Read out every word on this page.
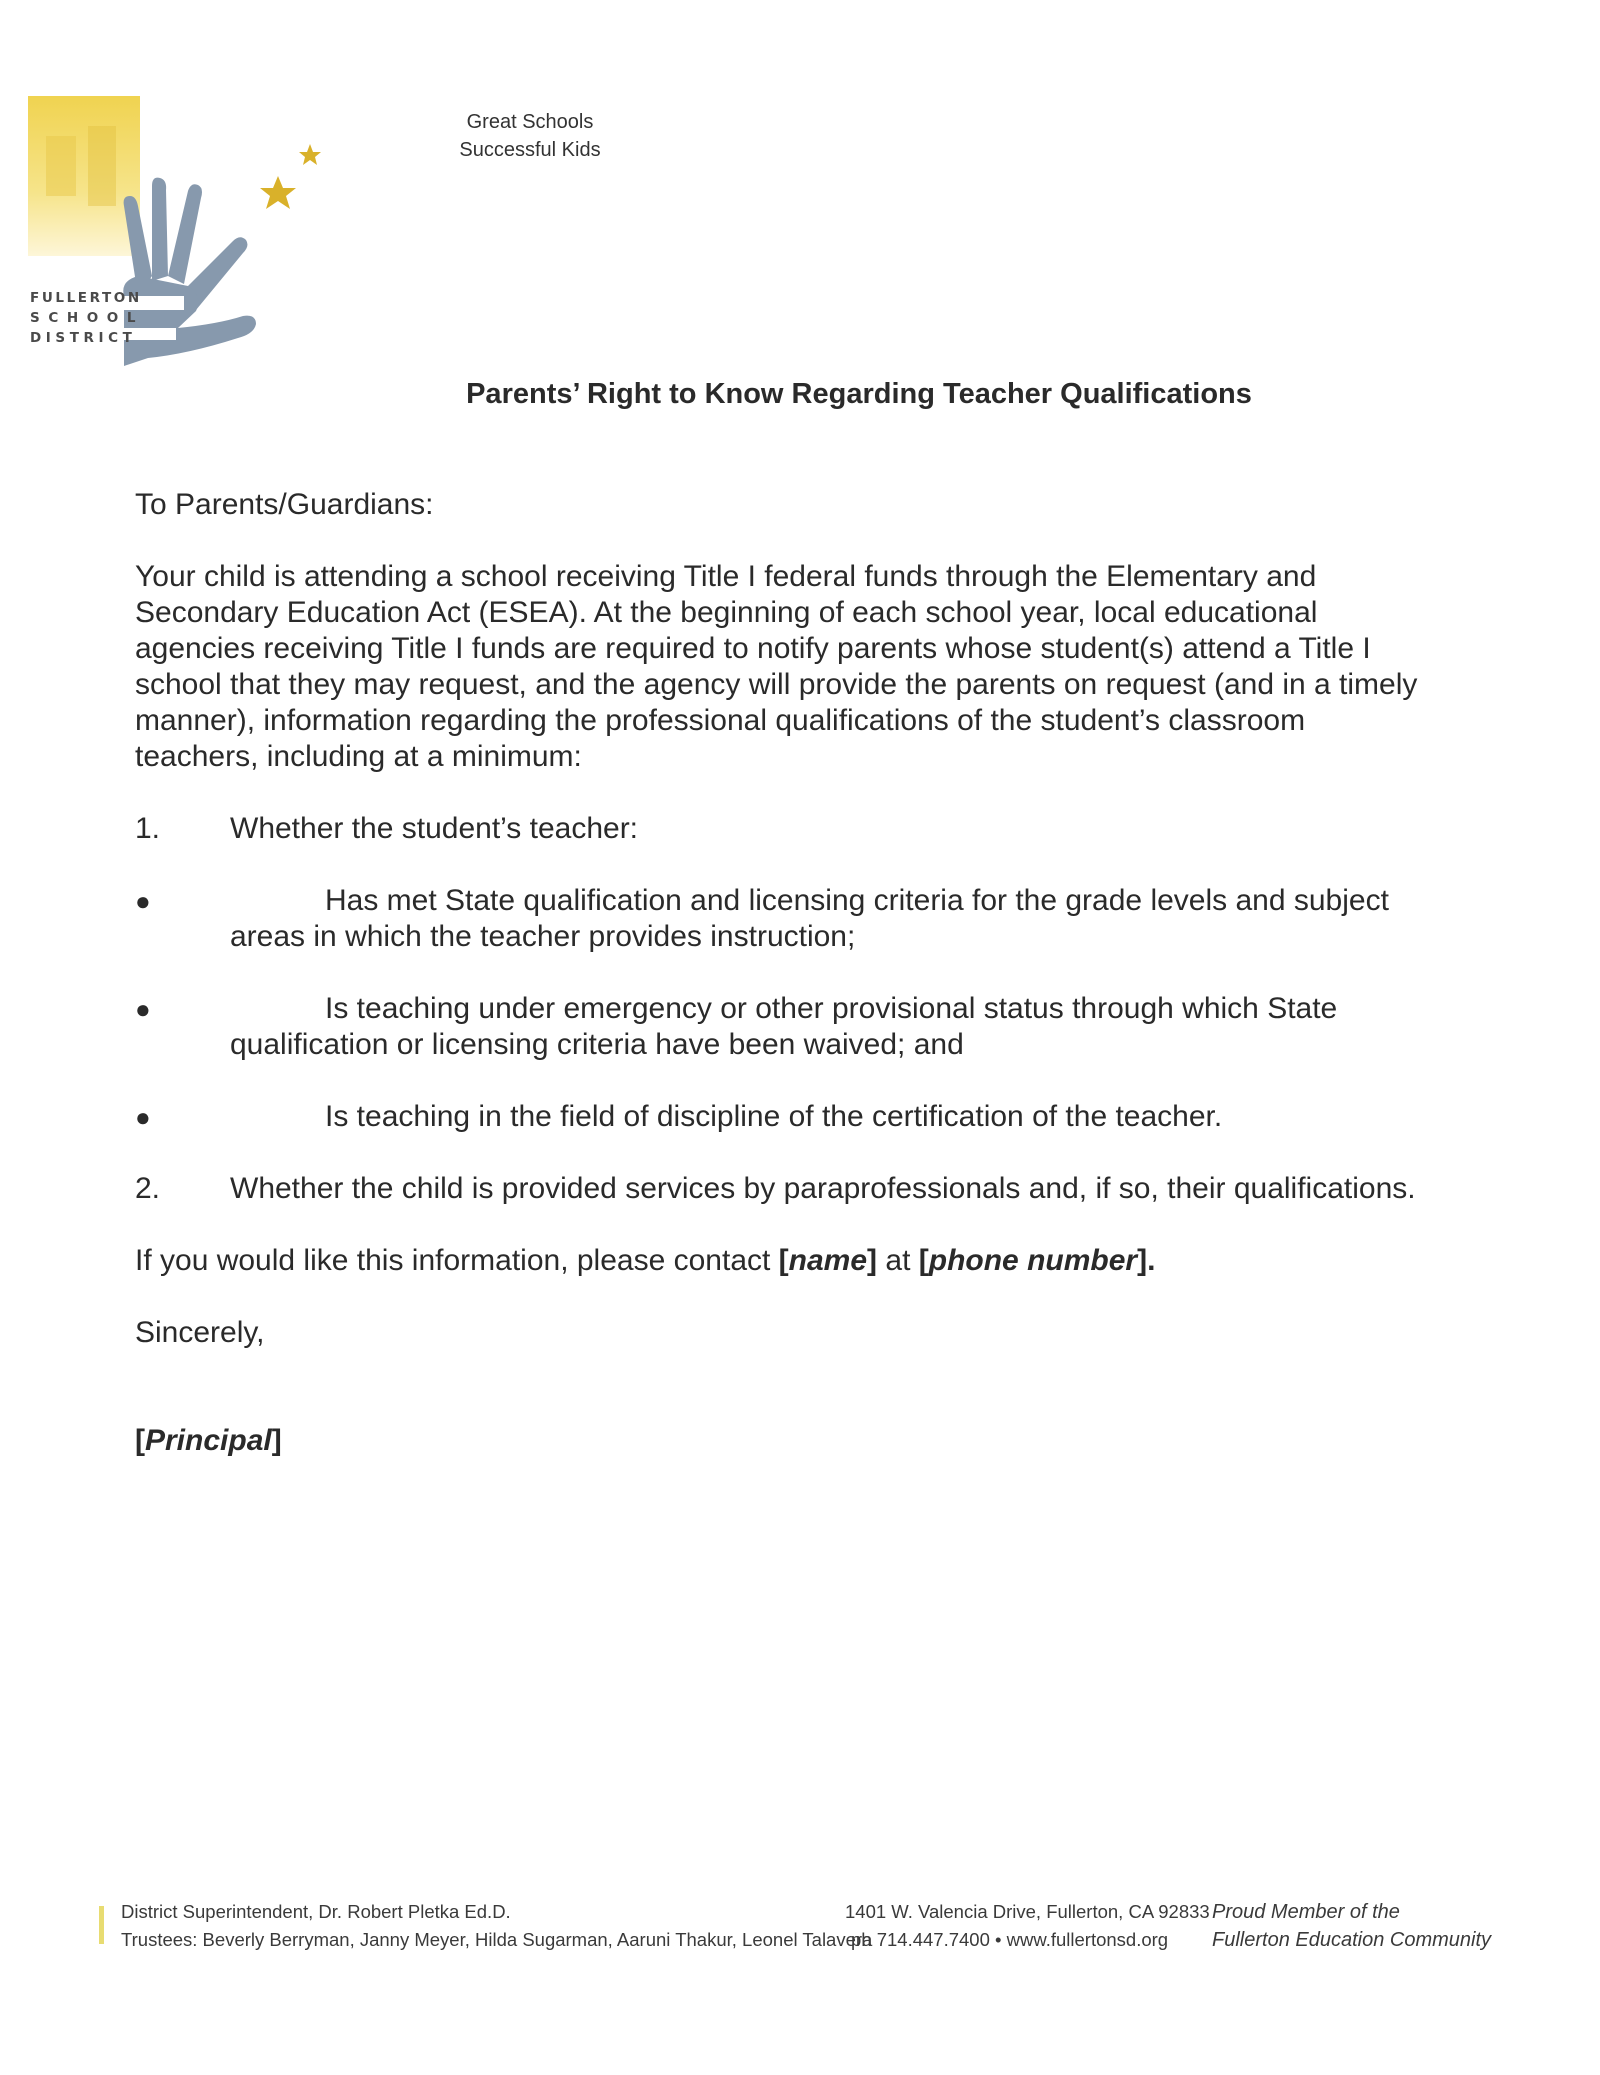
FULLERTON
SCHOOL
DISTRICT
Great Schools
Successful Kids
Parents’ Right to Know Regarding Teacher Qualifications

To Parents/Guardians:

Your child is attending a school receiving Title I federal funds through the Elementary and Secondary Education Act (ESEA). At the beginning of each school year, local educational agencies receiving Title I funds are required to notify parents whose student(s) attend a Title I school that they may request, and the agency will provide the parents on request (and in a timely manner), information regarding the professional qualifications of the student’s classroom teachers, including at a minimum:

1. Whether the student’s teacher:

●	Has met State qualification and licensing criteria for the grade levels and subject areas in which the teacher provides instruction;

●	Is teaching under emergency or other provisional status through which State qualification or licensing criteria have been waived; and

●	Is teaching in the field of discipline of the certification of the teacher.

2. Whether the child is provided services by paraprofessionals and, if so, their qualifications.

If you would like this information, please contact [name] at [phone number].

Sincerely,

[Principal]

District Superintendent, Dr. Robert Pletka Ed.D.
Trustees: Beverly Berryman, Janny Meyer, Hilda Sugarman, Aaruni Thakur, Leonel Talavera
1401 W. Valencia Drive, Fullerton, CA 92833
ph 714.447.7400 • www.fullertonsd.org
Proud Member of the
Fullerton Education Community
